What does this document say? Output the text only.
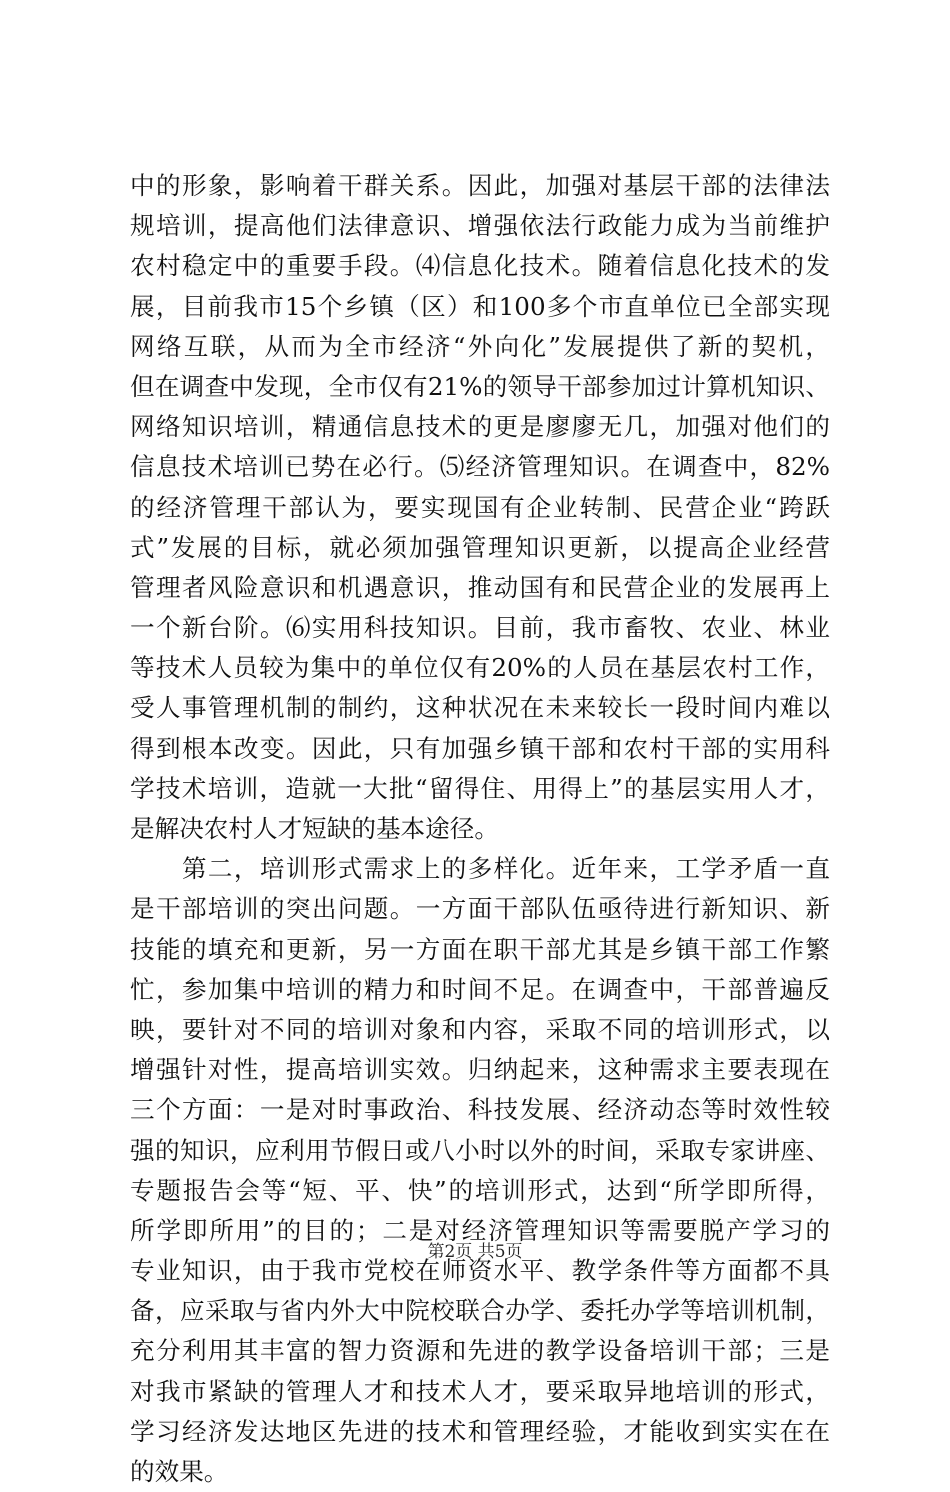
中的形象，影响着干群关系。因此，加强对基层干部的法律法
规培训，提高他们法律意识、增强依法行政能力成为当前维护
农村稳定中的重要手段。⑷信息化技术。随着信息化技术的发
展，目前我市15个乡镇（区）和100多个市直单位已全部实现
网络互联，从而为全市经济“外向化”发展提供了新的契机，
但在调查中发现，全市仅有21%的领导干部参加过计算机知识、
网络知识培训，精通信息技术的更是廖廖无几，加强对他们的
信息技术培训已势在必行。⑸经济管理知识。在调查中，82%
的经济管理干部认为，要实现国有企业转制、民营企业“跨跃
式”发展的目标，就必须加强管理知识更新，以提高企业经营
管理者风险意识和机遇意识，推动国有和民营企业的发展再上
一个新台阶。⑹实用科技知识。目前，我市畜牧、农业、林业
等技术人员较为集中的单位仅有20%的人员在基层农村工作，
受人事管理机制的制约，这种状况在未来较长一段时间内难以
得到根本改变。因此，只有加强乡镇干部和农村干部的实用科
学技术培训，造就一大批“留得住、用得上”的基层实用人才，
是解决农村人才短缺的基本途径。
　　第二，培训形式需求上的多样化。近年来，工学矛盾一直
是干部培训的突出问题。一方面干部队伍亟待进行新知识、新
技能的填充和更新，另一方面在职干部尤其是乡镇干部工作繁
忙，参加集中培训的精力和时间不足。在调查中，干部普遍反
映，要针对不同的培训对象和内容，采取不同的培训形式，以
增强针对性，提高培训实效。归纳起来，这种需求主要表现在
三个方面：一是对时事政治、科技发展、经济动态等时效性较
强的知识，应利用节假日或八小时以外的时间，采取专家讲座、
专题报告会等“短、平、快”的培训形式，达到“所学即所得，
所学即所用”的目的；二是对经济管理知识等需要脱产学习的
专业知识，由于我市党校在师资水平、教学条件等方面都不具
备，应采取与省内外大中院校联合办学、委托办学等培训机制，
充分利用其丰富的智力资源和先进的教学设备培训干部；三是
对我市紧缺的管理人才和技术人才，要采取异地培训的形式，
学习经济发达地区先进的技术和管理经验，才能收到实实在在
的效果。
第2页 共5页
